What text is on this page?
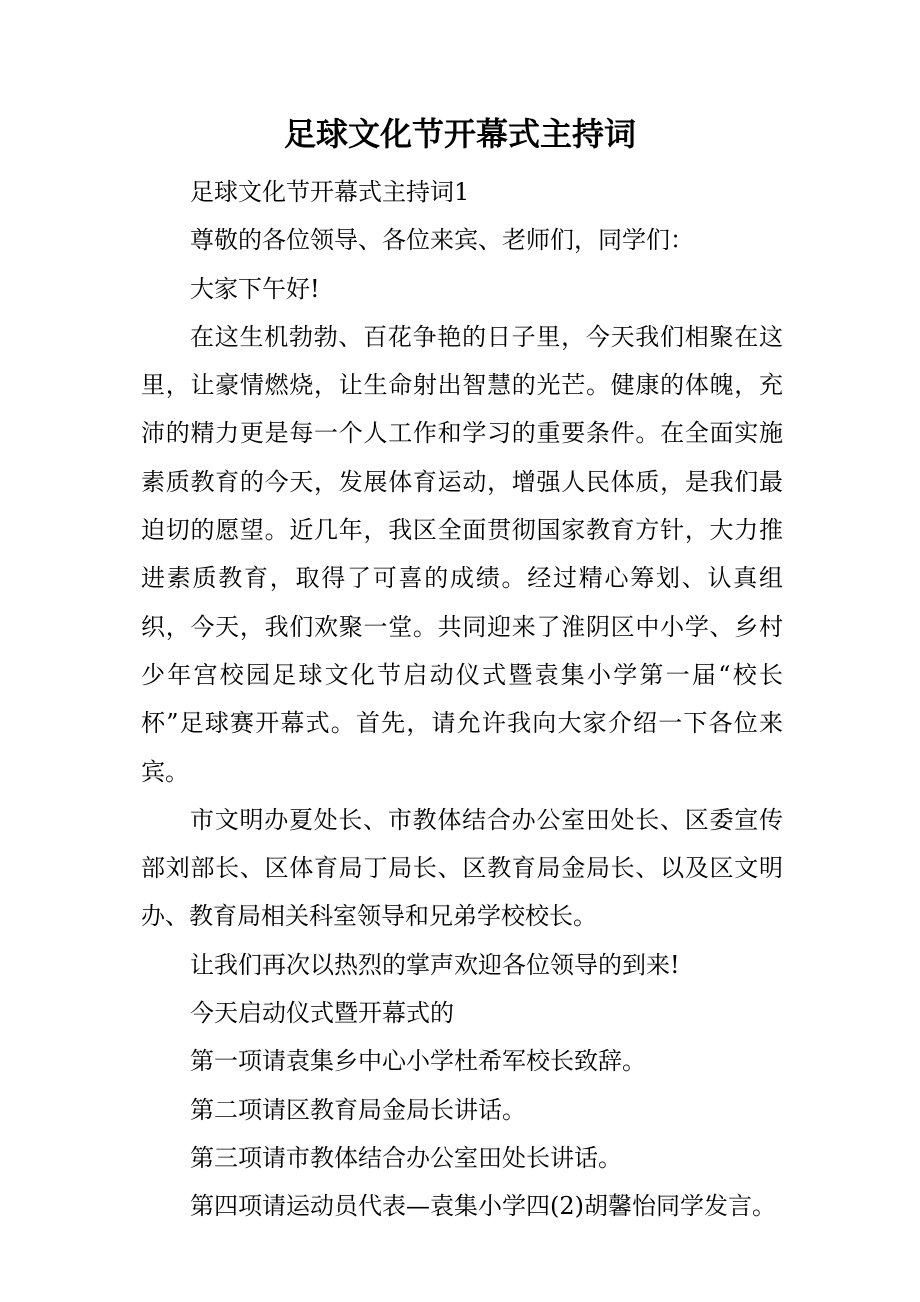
足球文化节开幕式主持词

足球文化节开幕式主持词1

尊敬的各位领导、各位来宾、老师们，同学们：

大家下午好!

在这生机勃勃、百花争艳的日子里，今天我们相聚在这里，让豪情燃烧，让生命射出智慧的光芒。健康的体魄，充沛的精力更是每一个人工作和学习的重要条件。在全面实施素质教育的今天，发展体育运动，增强人民体质，是我们最迫切的愿望。近几年，我区全面贯彻国家教育方针，大力推进素质教育，取得了可喜的成绩。经过精心筹划、认真组织，今天，我们欢聚一堂。共同迎来了淮阴区中小学、乡村少年宫校园足球文化节启动仪式暨袁集小学第一届“校长杯”足球赛开幕式。首先，请允许我向大家介绍一下各位来宾。

市文明办夏处长、市教体结合办公室田处长、区委宣传部刘部长、区体育局丁局长、区教育局金局长、以及区文明办、教育局相关科室领导和兄弟学校校长。

让我们再次以热烈的掌声欢迎各位领导的到来!

今天启动仪式暨开幕式的

第一项请袁集乡中心小学杜希军校长致辞。

第二项请区教育局金局长讲话。

第三项请市教体结合办公室田处长讲话。

第四项请运动员代表—袁集小学四(2)胡馨怡同学发言。
